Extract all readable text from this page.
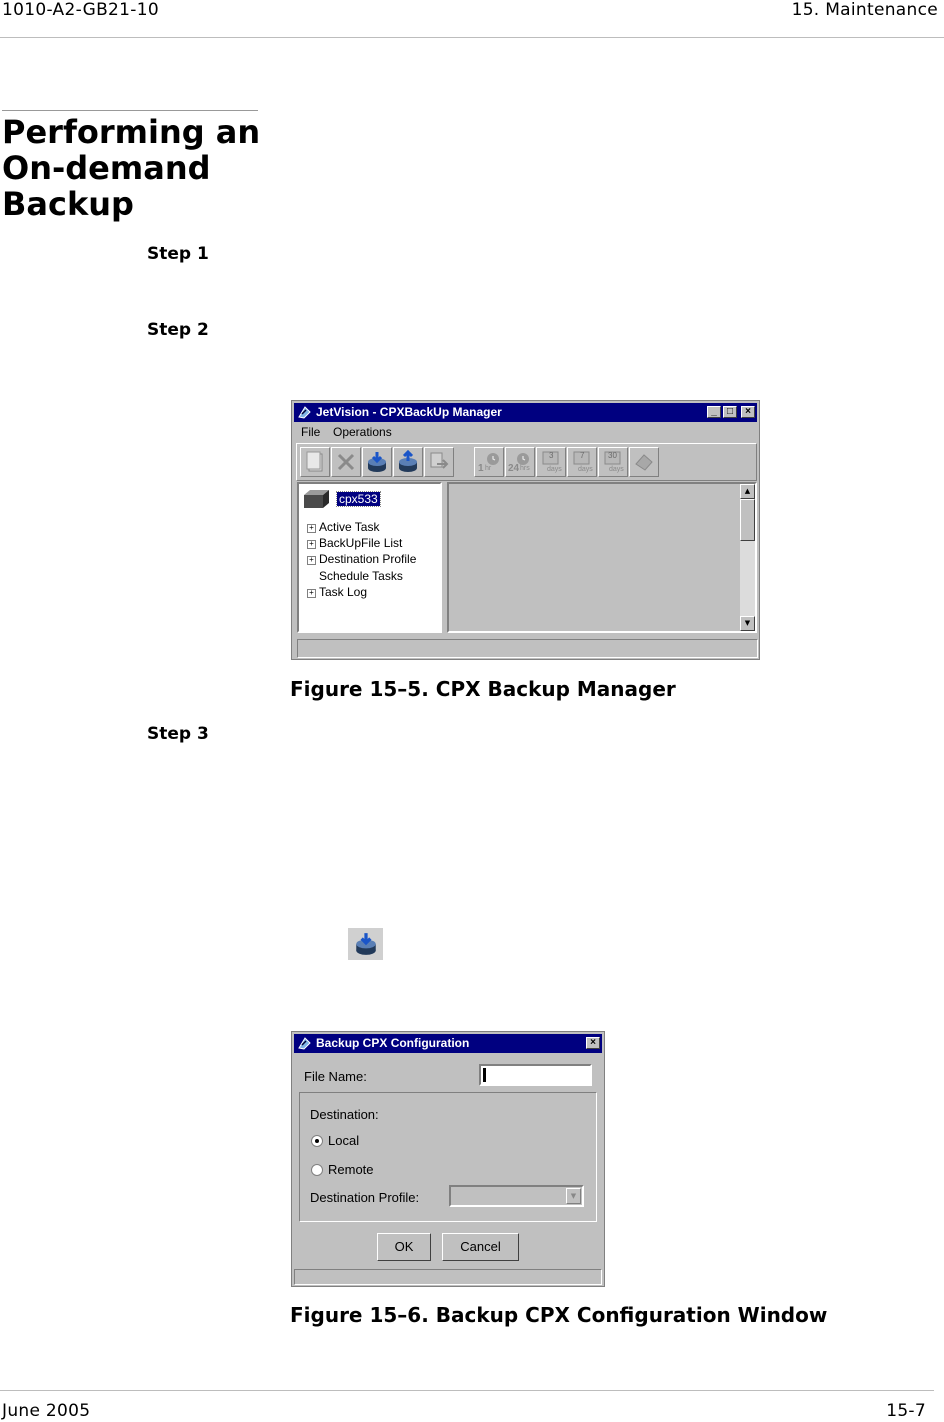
1010-A2-GB21-10	15. Maintenance
Performing an
On-demand
Backup
Step 1
Step 2
JetVision - CPXBackUp Manager	_	□	×
File Operations
1 hr 24 hrs
3
days
7
days
30
days
cpx533
+ Active Task
+ BackUpFile List
+ Destination Profile
Schedule Tasks
+ Task Log
▲
▼
Figure 15–5. CPX Backup Manager
Step 3
Backup CPX Configuration	×
File Name:
Destination:
Local
Remote
Destination Profile:	▼
OK	Cancel
Figure 15–6. Backup CPX Configuration Window
June 2005	15-7
